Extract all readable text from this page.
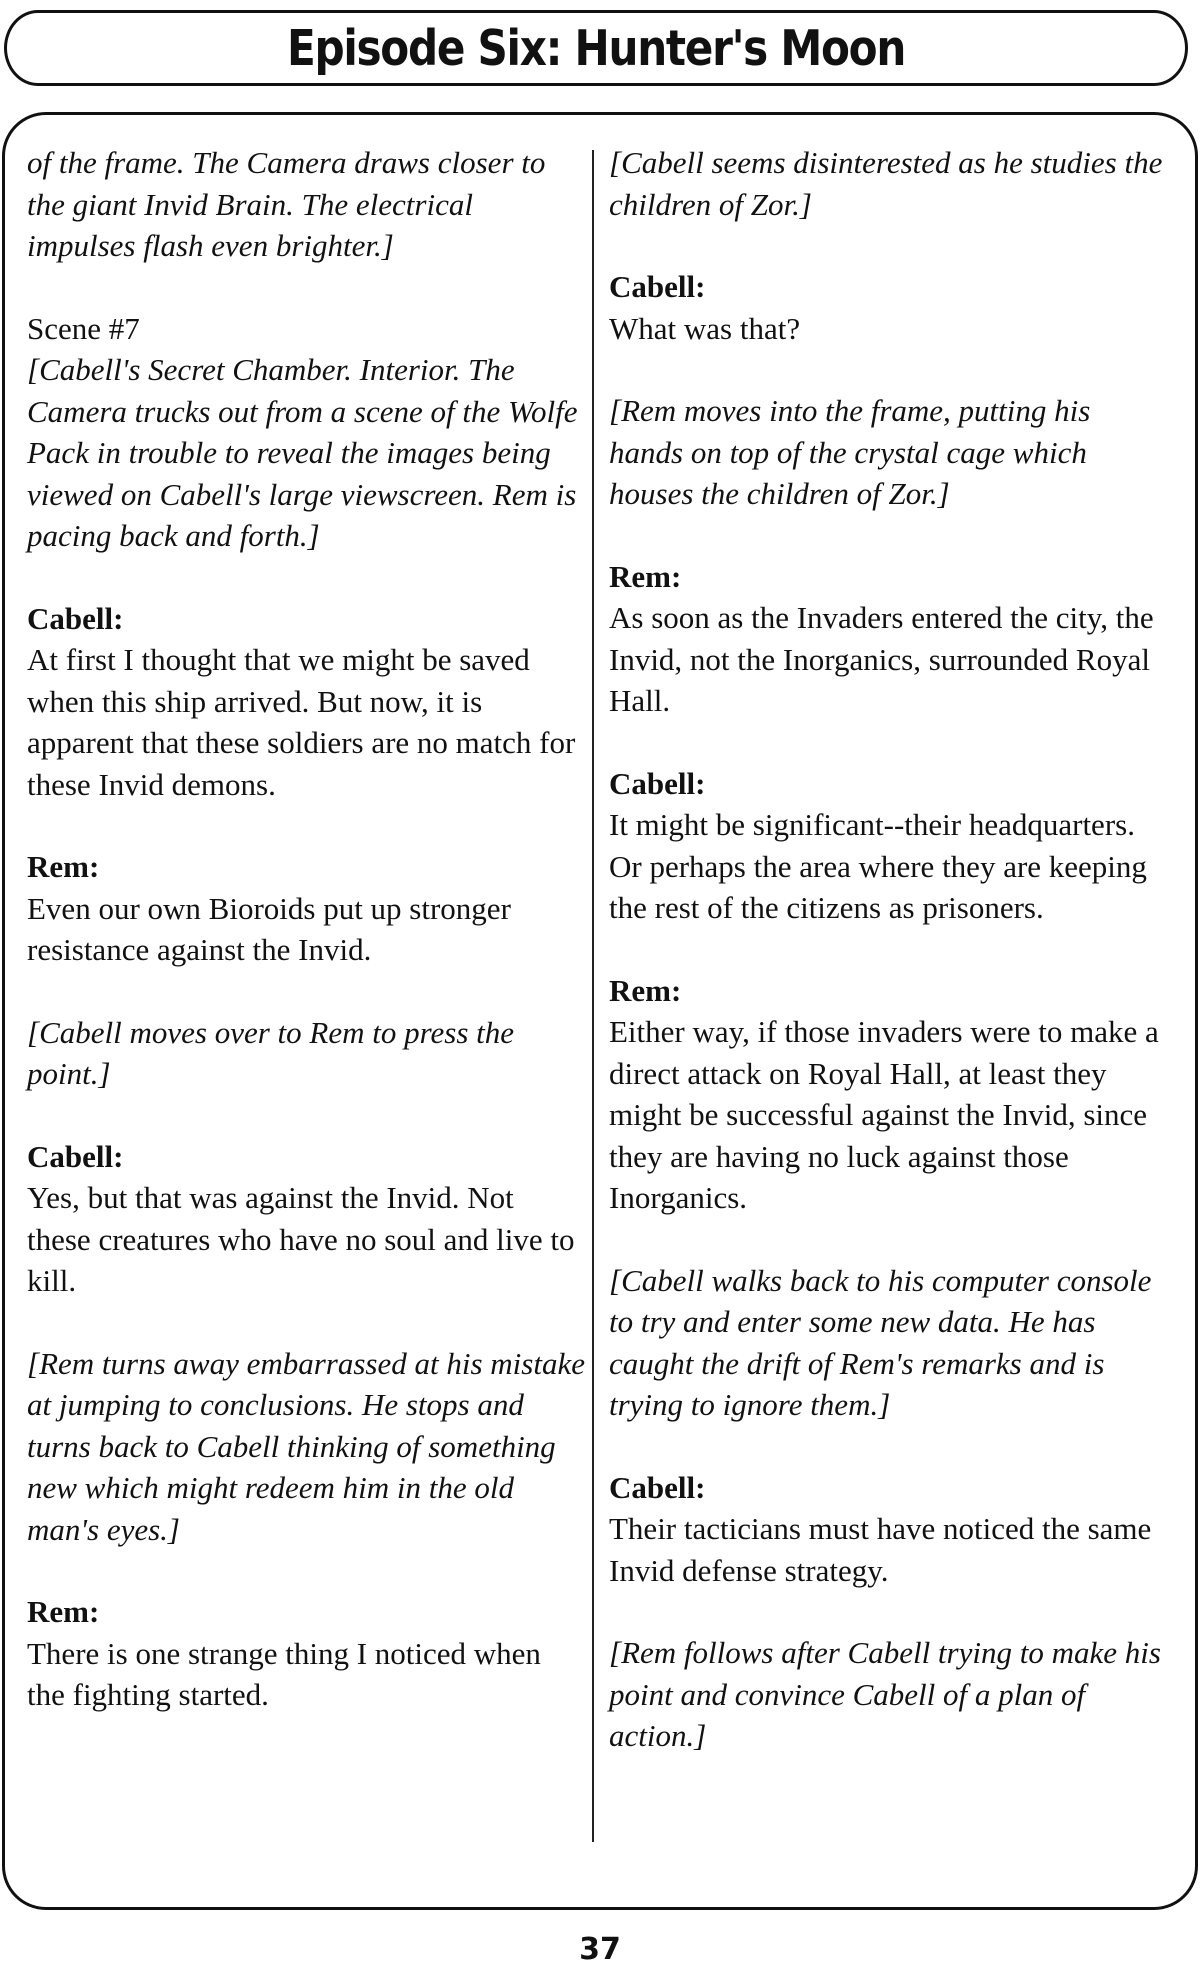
Episode Six: Hunter's Moon

of the frame. The Camera draws closer to the giant Invid Brain. The electrical impulses flash even brighter.]

Scene #7
[Cabell's Secret Chamber. Interior. The Camera trucks out from a scene of the Wolfe Pack in trouble to reveal the images being viewed on Cabell's large viewscreen. Rem is pacing back and forth.]

Cabell:
At first I thought that we might be saved when this ship arrived. But now, it is apparent that these soldiers are no match for these Invid demons.

Rem:
Even our own Bioroids put up stronger resistance against the Invid.

[Cabell moves over to Rem to press the point.]

Cabell:
Yes, but that was against the Invid. Not these creatures who have no soul and live to kill.

[Rem turns away embarrassed at his mistake at jumping to conclusions. He stops and turns back to Cabell thinking of something new which might redeem him in the old man's eyes.]

Rem:
There is one strange thing I noticed when the fighting started.

[Cabell seems disinterested as he studies the children of Zor.]

Cabell:
What was that?

[Rem moves into the frame, putting his hands on top of the crystal cage which houses the children of Zor.]

Rem:
As soon as the Invaders entered the city, the Invid, not the Inorganics, surrounded Royal Hall.

Cabell:
It might be significant--their headquarters. Or perhaps the area where they are keeping the rest of the citizens as prisoners.

Rem:
Either way, if those invaders were to make a direct attack on Royal Hall, at least they might be successful against the Invid, since they are having no luck against those Inorganics.

[Cabell walks back to his computer console to try and enter some new data. He has caught the drift of Rem's remarks and is trying to ignore them.]

Cabell:
Their tacticians must have noticed the same Invid defense strategy.

[Rem follows after Cabell trying to make his point and convince Cabell of a plan of action.]

37
